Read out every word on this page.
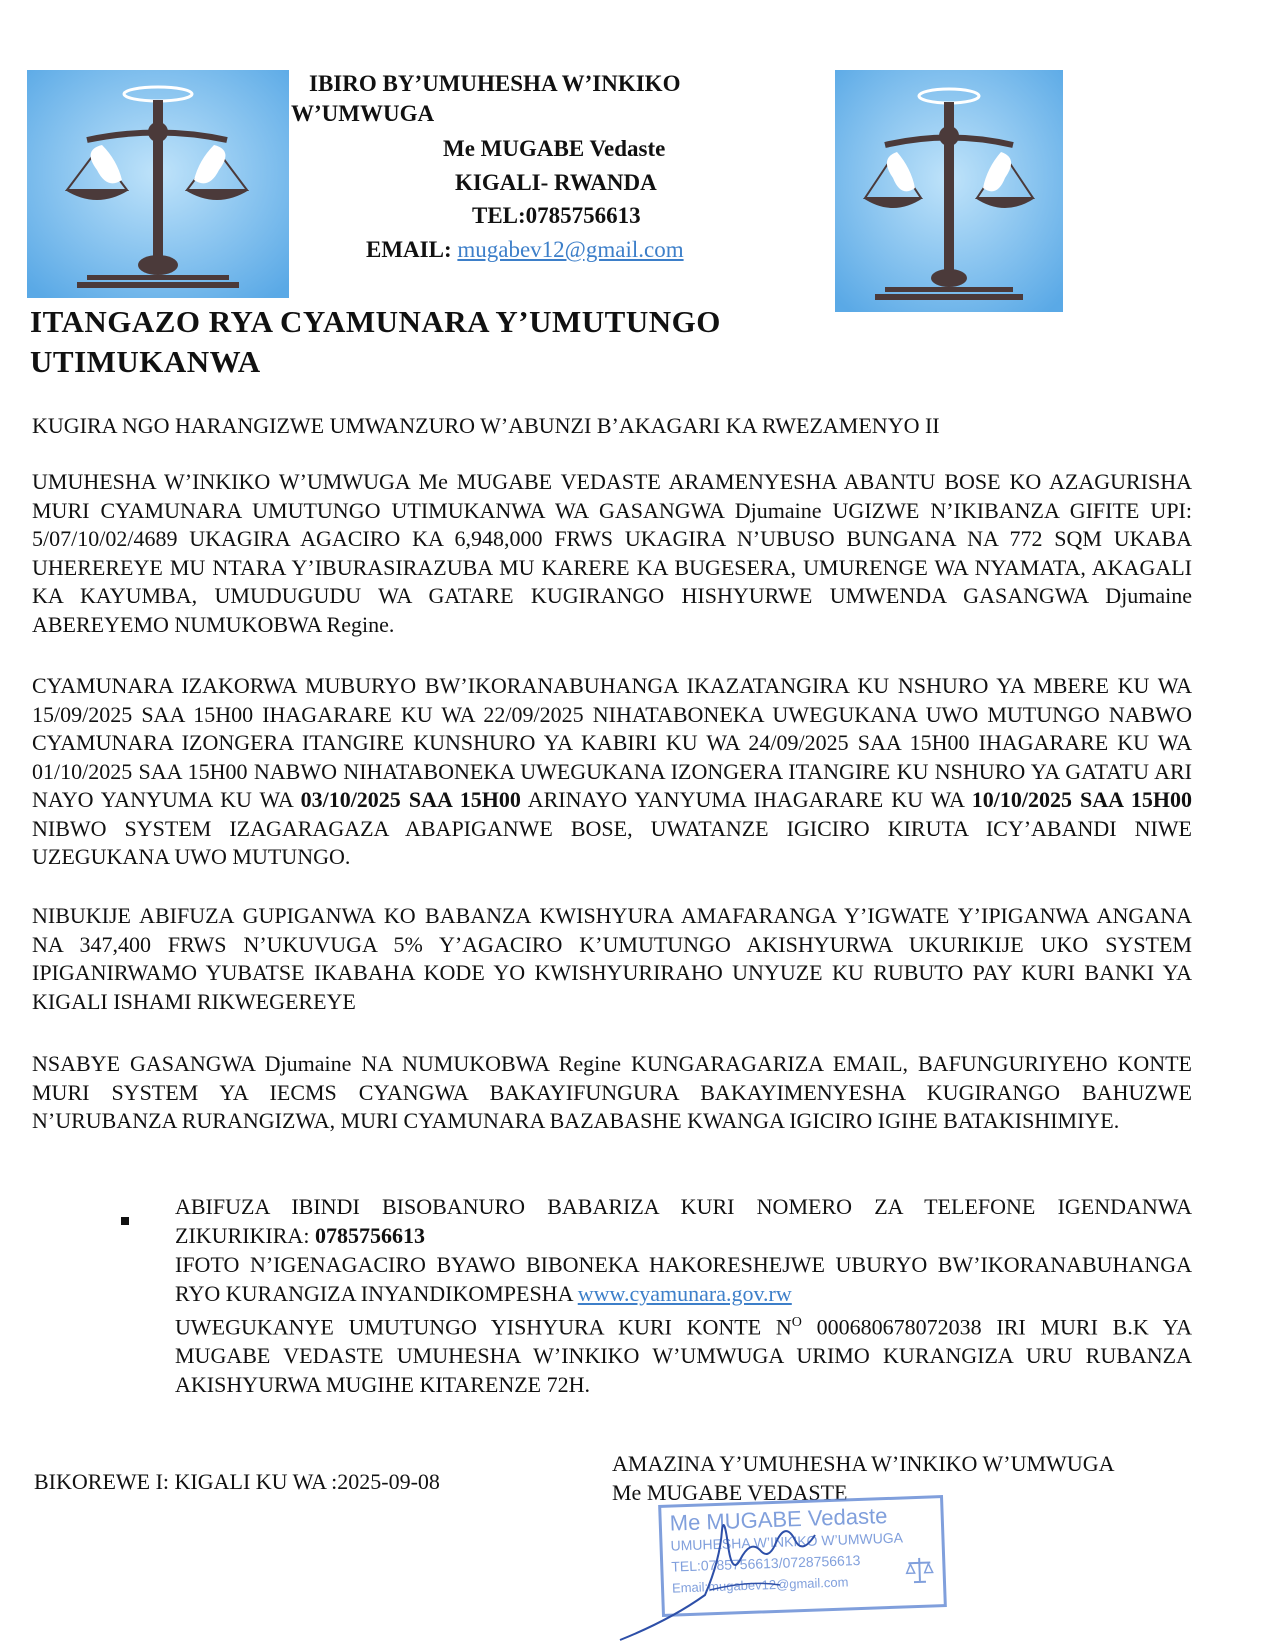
IBIRO BY’UMUHESHA W’INKIKO
W’UMWUGA
Me MUGABE Vedaste
KIGALI- RWANDA
TEL:0785756613
EMAIL: mugabev12@gmail.com
ITANGAZO RYA CYAMUNARA Y’UMUTUNGO UTIMUKANWA
KUGIRA NGO HARANGIZWE UMWANZURO W’ABUNZI B’AKAGARI KA RWEZAMENYO II
UMUHESHA W’INKIKO W’UMWUGA Me MUGABE VEDASTE ARAMENYESHA ABANTU BOSE KO AZAGURISHA MURI CYAMUNARA UMUTUNGO UTIMUKANWA WA GASANGWA Djumaine UGIZWE N’IKIBANZA GIFITE UPI: 5/07/10/02/4689 UKAGIRA AGACIRO KA 6,948,000 FRWS UKAGIRA N’UBUSO BUNGANA NA 772 SQM UKABA UHEREREYE MU NTARA Y’IBURASIRAZUBA MU KARERE KA BUGESERA, UMURENGE WA NYAMATA, AKAGALI KA KAYUMBA, UMUDUGUDU WA GATARE KUGIRANGO HISHYURWE UMWENDA GASANGWA Djumaine ABEREYEMO NUMUKOBWA Regine.
CYAMUNARA IZAKORWA MUBURYO BW’IKORANABUHANGA IKAZATANGIRA KU NSHURO YA MBERE KU WA 15/09/2025 SAA 15H00 IHAGARARE KU WA 22/09/2025 NIHATABONEKA UWEGUKANA UWO MUTUNGO NABWO CYAMUNARA IZONGERA ITANGIRE KUNSHURO YA KABIRI KU WA 24/09/2025 SAA 15H00 IHAGARARE KU WA 01/10/2025 SAA 15H00 NABWO NIHATABONEKA UWEGUKANA IZONGERA ITANGIRE KU NSHURO YA GATATU ARI NAYO YANYUMA KU WA 03/10/2025 SAA 15H00 ARINAYO YANYUMA IHAGARARE KU WA 10/10/2025 SAA 15H00 NIBWO SYSTEM IZAGARAGAZA ABAPIGANWE BOSE, UWATANZE IGICIRO KIRUTA ICY’ABANDI NIWE UZEGUKANA UWO MUTUNGO.
NIBUKIJE ABIFUZA GUPIGANWA KO BABANZA KWISHYURA AMAFARANGA Y’IGWATE Y’IPIGANWA ANGANA NA 347,400 FRWS N’UKUVUGA 5% Y’AGACIRO K’UMUTUNGO AKISHYURWA UKURIKIJE UKO SYSTEM IPIGANIRWAMO YUBATSE IKABAHA KODE YO KWISHYURIRAHO UNYUZE KU RUBUTO PAY KURI BANKI YA KIGALI ISHAMI RIKWEGEREYE
NSABYE GASANGWA Djumaine NA NUMUKOBWA Regine KUNGARAGARIZA EMAIL, BAFUNGURIYEHO KONTE MURI SYSTEM YA IECMS CYANGWA BAKAYIFUNGURA BAKAYIMENYESHA KUGIRANGO BAHUZWE N’URUBANZA RURANGIZWA, MURI CYAMUNARA BAZABASHE KWANGA IGICIRO IGIHE BATAKISHIMIYE.
ABIFUZA IBINDI BISOBANURO BABARIZA KURI NOMERO ZA TELEFONE IGENDANWA ZIKURIKIRA: 0785756613
IFOTO N’IGENAGACIRO BYAWO BIBONEKA HAKORESHEJWE UBURYO BW’IKORANABUHANGA RYO KURANGIZA INYANDIKOMPESHA www.cyamunara.gov.rw
UWEGUKANYE UMUTUNGO YISHYURA KURI KONTE $N^O$ 000680678072038 IRI MURI B.K YA MUGABE VEDASTE UMUHESHA W’INKIKO W’UMWUGA URIMO KURANGIZA URU RUBANZA AKISHYURWA MUGIHE KITARENZE 72H.
BIKOREWE I: KIGALI KU WA :2025-09-08
AMAZINA Y’UMUHESHA W’INKIKO W’UMWUGA
Me MUGABE VEDASTE
Me MUGABE Vedaste
UMUHESHA W’INKIKO W’UMWUGA
TEL:0785756613/0728756613
Email:mugabev12@gmail.com
